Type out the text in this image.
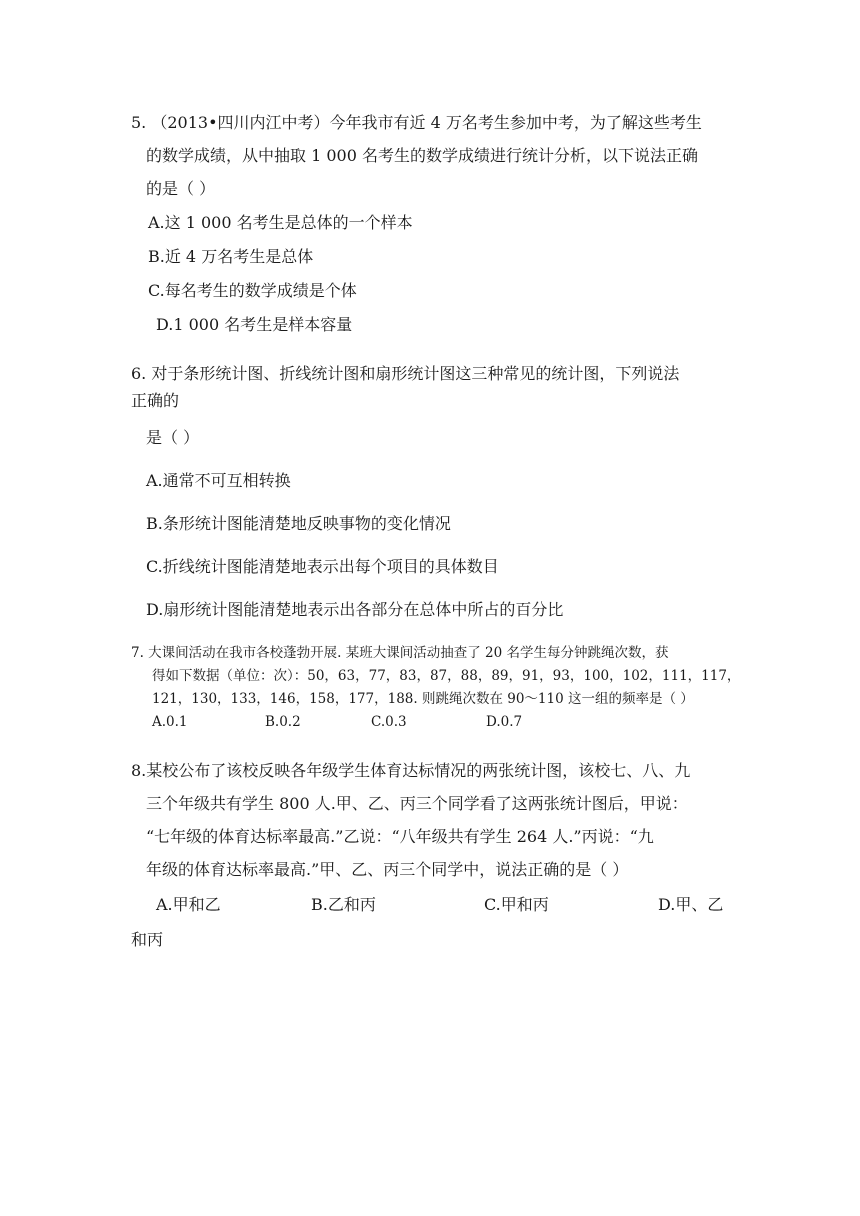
5. （2013•四川内江中考）今年我市有近 4 万名考生参加中考，为了解这些考生
的数学成绩，从中抽取 1 000 名考生的数学成绩进行统计分析，以下说法正确
的是（ ）
A.这 1 000 名考生是总体的一个样本
B.近 4 万名考生是总体
C.每名考生的数学成绩是个体
D.1 000 名考生是样本容量
6. 对于条形统计图、折线统计图和扇形统计图这三种常见的统计图，下列说法
正确的
是（ ）
A.通常不可互相转换
B.条形统计图能清楚地反映事物的变化情况
C.折线统计图能清楚地表示出每个项目的具体数目
D.扇形统计图能清楚地表示出各部分在总体中所占的百分比
7. 大课间活动在我市各校蓬勃开展. 某班大课间活动抽查了 20 名学生每分钟跳绳次数，获
得如下数据（单位：次）：50，63，77，83，87，88，89，91，93，100，102，111，117，
121，130，133，146，158，177，188. 则跳绳次数在 90～110 这一组的频率是（ ）
A.0.1	B.0.2	C.0.3	D.0.7
8.某校公布了该校反映各年级学生体育达标情况的两张统计图，该校七、八、九
三个年级共有学生 800 人.甲、乙、丙三个同学看了这两张统计图后，甲说：
“七年级的体育达标率最高.”乙说：“八年级共有学生 264 人.”丙说：“九
年级的体育达标率最高.”甲、乙、丙三个同学中，说法正确的是（ ）
A.甲和乙	B.乙和丙	C.甲和丙	D.甲、乙
和丙
